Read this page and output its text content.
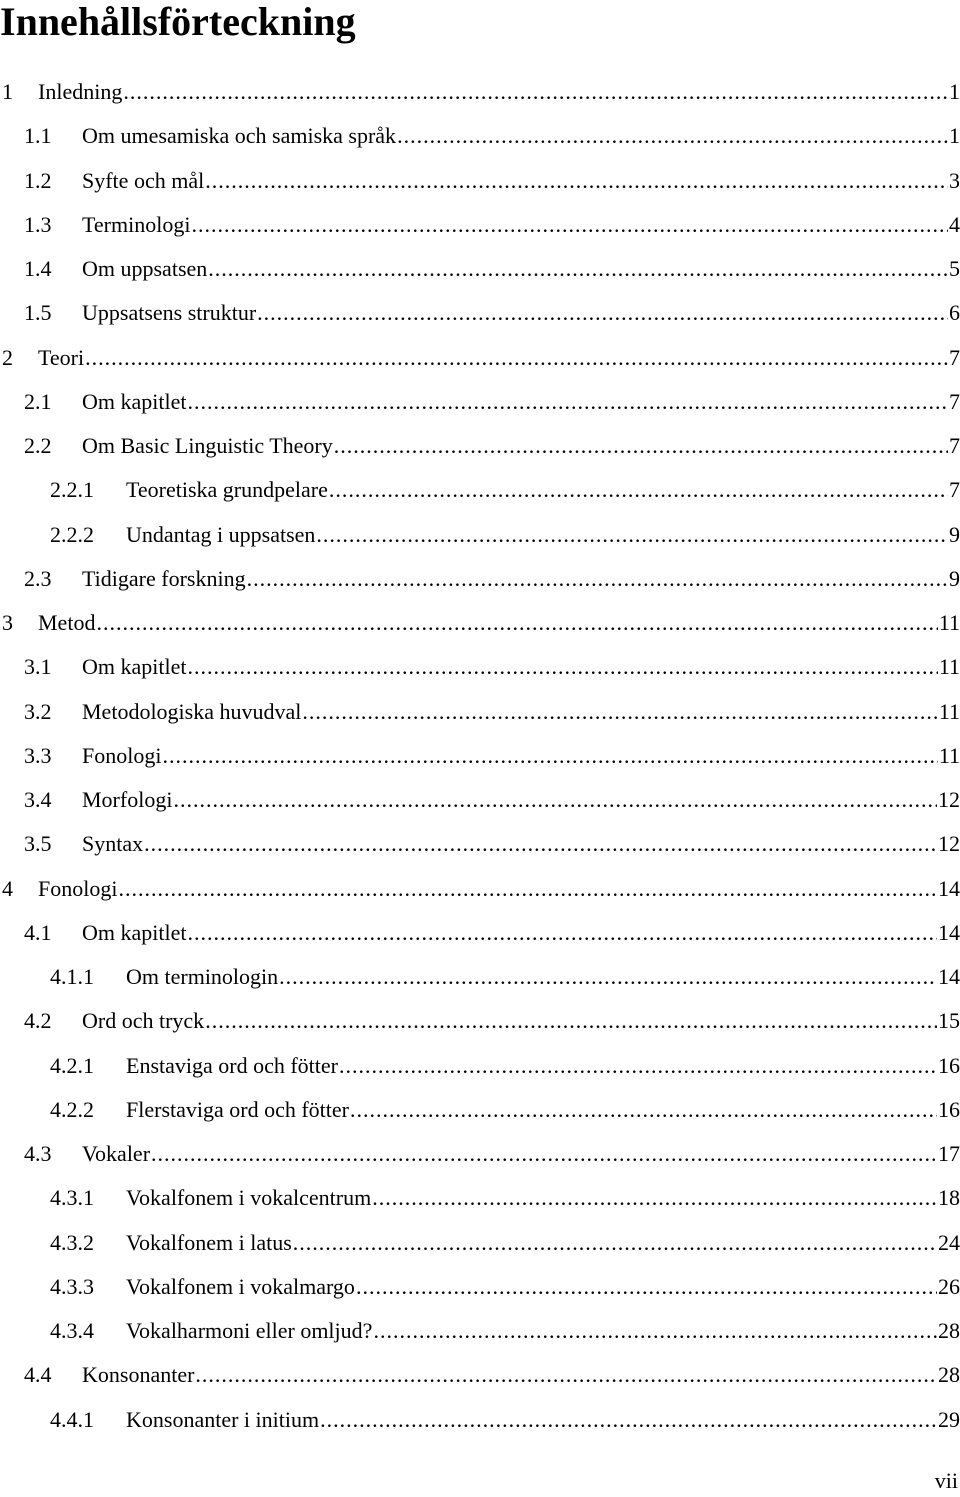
Innehållsförteckning
1 Inledning .....	1
1.1 Om umesamiska och samiska språk .....	1
1.2 Syfte och mål .....	3
1.3 Terminologi .....	4
1.4 Om uppsatsen .....	5
1.5 Uppsatsens struktur .....	6
2 Teori .....	7
2.1 Om kapitlet .....	7
2.2 Om Basic Linguistic Theory .....	7
2.2.1 Teoretiska grundpelare .....	7
2.2.2 Undantag i uppsatsen .....	9
2.3 Tidigare forskning .....	9
3 Metod .....	11
3.1 Om kapitlet .....	11
3.2 Metodologiska huvudval .....	11
3.3 Fonologi .....	11
3.4 Morfologi .....	12
3.5 Syntax .....	12
4 Fonologi .....	14
4.1 Om kapitlet .....	14
4.1.1 Om terminologin .....	14
4.2 Ord och tryck .....	15
4.2.1 Enstaviga ord och fötter .....	16
4.2.2 Flerstaviga ord och fötter .....	16
4.3 Vokaler .....	17
4.3.1 Vokalfonem i vokalcentrum .....	18
4.3.2 Vokalfonem i latus .....	24
4.3.3 Vokalfonem i vokalmargo .....	26
4.3.4 Vokalharmoni eller omljud? .....	28
4.4 Konsonanter .....	28
4.4.1 Konsonanter i initium .....	29
vii
